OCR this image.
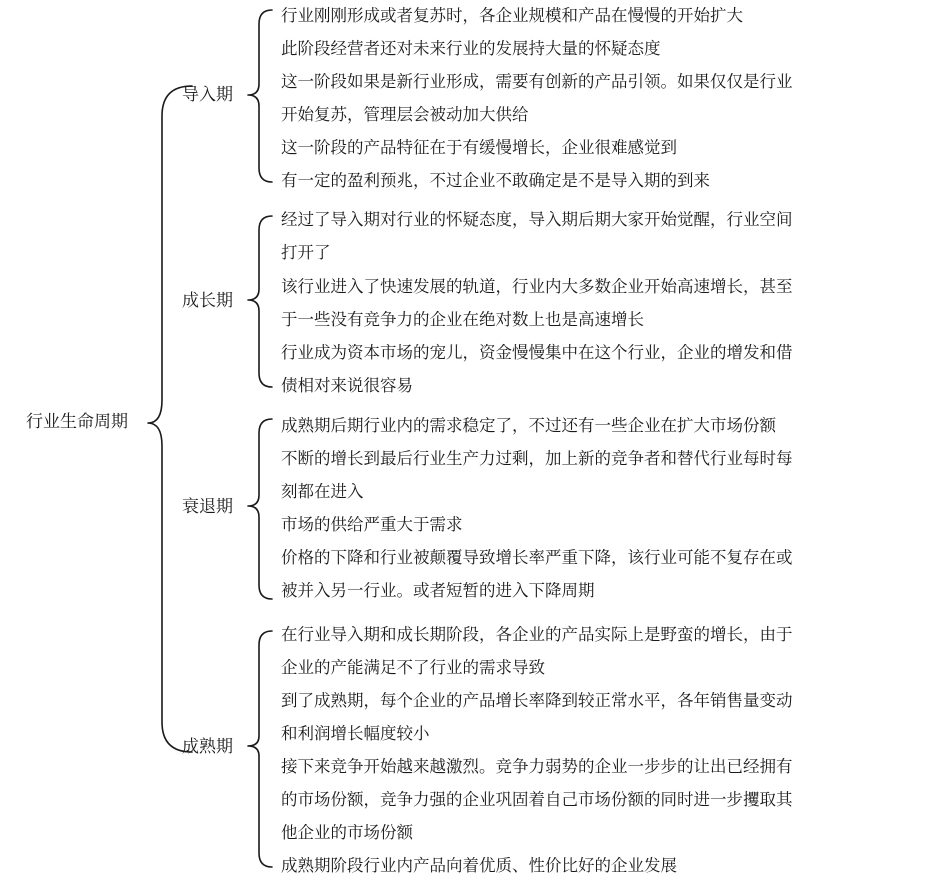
行业生命周期
导入期
成长期
衰退期
成熟期
行业刚刚形成或者复苏时，各企业规模和产品在慢慢的开始扩大
此阶段经营者还对未来行业的发展持大量的怀疑态度
这一阶段如果是新行业形成，需要有创新的产品引领。如果仅仅是行业
开始复苏，管理层会被动加大供给
这一阶段的产品特征在于有缓慢增长，企业很难感觉到
有一定的盈利预兆，不过企业不敢确定是不是导入期的到来
经过了导入期对行业的怀疑态度，导入期后期大家开始觉醒，行业空间
打开了
该行业进入了快速发展的轨道，行业内大多数企业开始高速增长，甚至
于一些没有竞争力的企业在绝对数上也是高速增长
行业成为资本市场的宠儿，资金慢慢集中在这个行业，企业的增发和借
债相对来说很容易
成熟期后期行业内的需求稳定了，不过还有一些企业在扩大市场份额
不断的增长到最后行业生产力过剩，加上新的竞争者和替代行业每时每
刻都在进入
市场的供给严重大于需求
价格的下降和行业被颠覆导致增长率严重下降，该行业可能不复存在或
被并入另一行业。或者短暂的进入下降周期
在行业导入期和成长期阶段，各企业的产品实际上是野蛮的增长，由于
企业的产能满足不了行业的需求导致
到了成熟期，每个企业的产品增长率降到较正常水平，各年销售量变动
和利润增长幅度较小
接下来竞争开始越来越激烈。竞争力弱势的企业一步步的让出已经拥有
的市场份额，竞争力强的企业巩固着自己市场份额的同时进一步攫取其
他企业的市场份额
成熟期阶段行业内产品向着优质、性价比好的企业发展
